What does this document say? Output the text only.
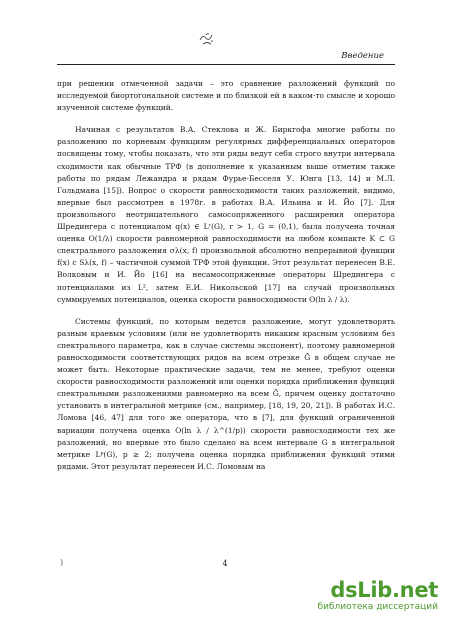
Введение

при решении отмеченной задачи – это сравнение разложений функций по исследуемой биортогональной системе и по близкой ей в каком-то смысле и хорошо изученной системе функций.

Начиная с результатов В.А. Стеклова и Ж. Биркгофа многие работы по разложению по корневым функциям регулярных дифференциальных операторов посвящены тому, чтобы показать, что эти ряды ведут себя строго внутри интервала сходимости как обычные ТРФ (в дополнение к указанным выше отметим также работы по рядам Лежандра и рядам Фурье-Бесселя У. Юнга [13, 14] и М.Л. Гольдмана [15]). Вопрос о скорости равносходимости таких разложений, видимо, впервые был рассмотрен в 1978г. в работах В.А. Ильина и И. Йо [7]. Для произвольного неотрицательного самосопряженного расширения оператора Шредингера с потенциалом q(x) ∈ Lʳ(G), r > 1, G = (0,1), была получена точная оценка O(1/λ) скорости равномерной равносходимости на любом компакте K ⊂ G спектрального разложения σλ(x, f) произвольной абсолютно непрерывной функции f(x) с Sλ(x, f) – частичной суммой ТРФ этой функции. Этот результат перенесен В.Е. Волковым и И. Йо [16] на несамосопряженные операторы Шредингера с потенциалами из L², затем Е.И. Никольской [17] на случай произвольных суммируемых потенциалов, оценка скорости равносходимости O(ln λ / λ).

Системы функций, по которым ведется разложение, могут удовлетворять разным краевым условиям (или не удовлетворять никаким красным условиям без спектрального параметра, как в случае системы экспонент), поэтому равномерной равносходимости соответствующих рядов на всем отрезке Ḡ в общем случае не может быть. Некоторые практические задачи, тем не менее, требуют оценки скорости равносходимости разложений или оценки порядка приближения функций спектральными разложениями равномерно на всем Ḡ, причем оценку достаточно установить в интегральной метрике (см., например, [18, 19, 20, 21]). В работах И.С. Ломова [46, 47] для того же оператора, что в [7], для функций ограниченной вариации получена оценка O(ln λ / λ^(1/p)) скорости равносходимости тех же разложений, но впервые это было сделано на всем интервале G в интегральной метрике Lᵖ(G), p ≥ 2; получена оценка порядка приближения функций этими рядами. Этот результат перенесен И.С. Ломовым на

)	4
dsLib.net
библиотека диссертаций
